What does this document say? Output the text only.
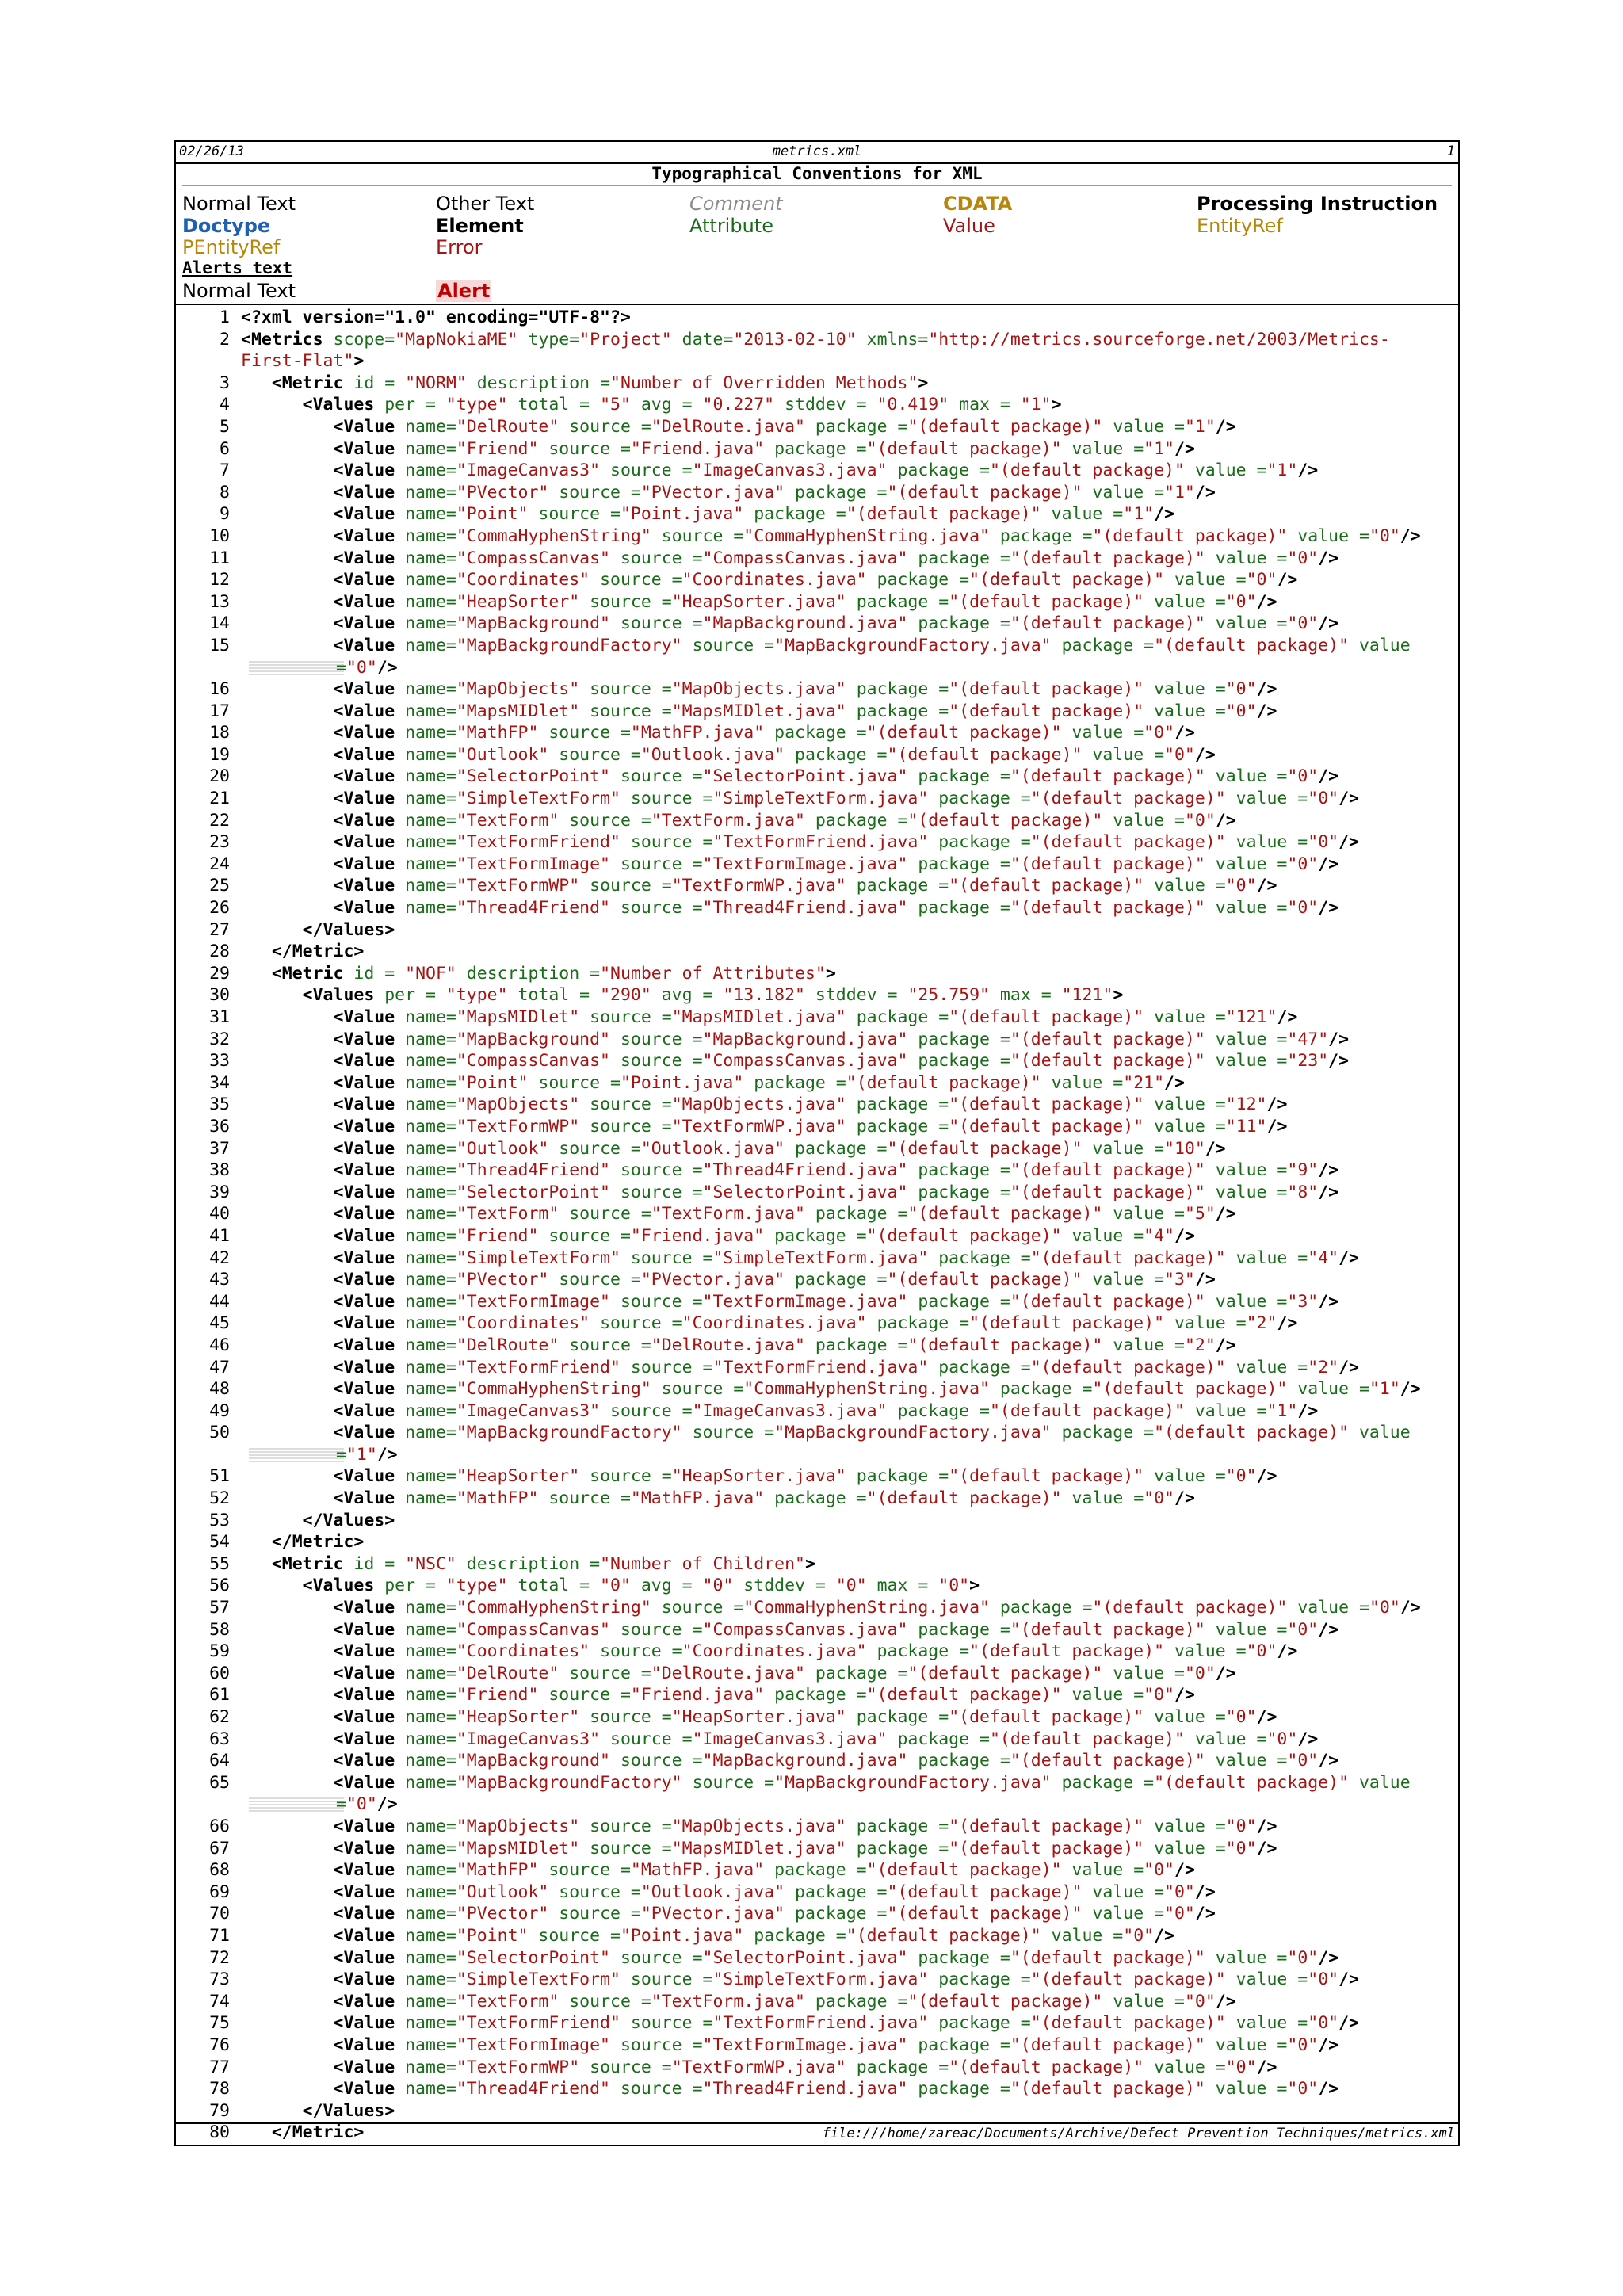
02/26/13	metrics.xml	1
Typographical Conventions for XML
Normal Text	Other Text	Comment	CDATA	Processing Instruction
Doctype	Element	Attribute	Value	EntityRef
PEntityRef	Error
Alerts text
Normal Text	Alert
1 <?xml version="1.0" encoding="UTF-8"?>
2 <Metrics scope="MapNokiaME" type="Project" date="2013-02-10" xmlns="http://metrics.sourceforge.net/2003/Metrics-
First-Flat">
3	<Metric id = "NORM" description ="Number of Overridden Methods">
4	<Values per = "type" total = "5" avg = "0.227" stddev = "0.419" max = "1">
5	<Value name="DelRoute" source ="DelRoute.java" package ="(default package)" value ="1"/>
6	<Value name="Friend" source ="Friend.java" package ="(default package)" value ="1"/>
7	<Value name="ImageCanvas3" source ="ImageCanvas3.java" package ="(default package)" value ="1"/>
8	<Value name="PVector" source ="PVector.java" package ="(default package)" value ="1"/>
9	<Value name="Point" source ="Point.java" package ="(default package)" value ="1"/>
10	<Value name="CommaHyphenString" source ="CommaHyphenString.java" package ="(default package)" value ="0"/>
11	<Value name="CompassCanvas" source ="CompassCanvas.java" package ="(default package)" value ="0"/>
12	<Value name="Coordinates" source ="Coordinates.java" package ="(default package)" value ="0"/>
13	<Value name="HeapSorter" source ="HeapSorter.java" package ="(default package)" value ="0"/>
14	<Value name="MapBackground" source ="MapBackground.java" package ="(default package)" value ="0"/>
15	<Value name="MapBackgroundFactory" source ="MapBackgroundFactory.java" package ="(default package)" value
="0"/>
16	<Value name="MapObjects" source ="MapObjects.java" package ="(default package)" value ="0"/>
17	<Value name="MapsMIDlet" source ="MapsMIDlet.java" package ="(default package)" value ="0"/>
18	<Value name="MathFP" source ="MathFP.java" package ="(default package)" value ="0"/>
19	<Value name="Outlook" source ="Outlook.java" package ="(default package)" value ="0"/>
20	<Value name="SelectorPoint" source ="SelectorPoint.java" package ="(default package)" value ="0"/>
21	<Value name="SimpleTextForm" source ="SimpleTextForm.java" package ="(default package)" value ="0"/>
22	<Value name="TextForm" source ="TextForm.java" package ="(default package)" value ="0"/>
23	<Value name="TextFormFriend" source ="TextFormFriend.java" package ="(default package)" value ="0"/>
24	<Value name="TextFormImage" source ="TextFormImage.java" package ="(default package)" value ="0"/>
25	<Value name="TextFormWP" source ="TextFormWP.java" package ="(default package)" value ="0"/>
26	<Value name="Thread4Friend" source ="Thread4Friend.java" package ="(default package)" value ="0"/>
27	</Values>
28	</Metric>
29	<Metric id = "NOF" description ="Number of Attributes">
30	<Values per = "type" total = "290" avg = "13.182" stddev = "25.759" max = "121">
31	<Value name="MapsMIDlet" source ="MapsMIDlet.java" package ="(default package)" value ="121"/>
32	<Value name="MapBackground" source ="MapBackground.java" package ="(default package)" value ="47"/>
33	<Value name="CompassCanvas" source ="CompassCanvas.java" package ="(default package)" value ="23"/>
34	<Value name="Point" source ="Point.java" package ="(default package)" value ="21"/>
35	<Value name="MapObjects" source ="MapObjects.java" package ="(default package)" value ="12"/>
36	<Value name="TextFormWP" source ="TextFormWP.java" package ="(default package)" value ="11"/>
37	<Value name="Outlook" source ="Outlook.java" package ="(default package)" value ="10"/>
38	<Value name="Thread4Friend" source ="Thread4Friend.java" package ="(default package)" value ="9"/>
39	<Value name="SelectorPoint" source ="SelectorPoint.java" package ="(default package)" value ="8"/>
40	<Value name="TextForm" source ="TextForm.java" package ="(default package)" value ="5"/>
41	<Value name="Friend" source ="Friend.java" package ="(default package)" value ="4"/>
42	<Value name="SimpleTextForm" source ="SimpleTextForm.java" package ="(default package)" value ="4"/>
43	<Value name="PVector" source ="PVector.java" package ="(default package)" value ="3"/>
44	<Value name="TextFormImage" source ="TextFormImage.java" package ="(default package)" value ="3"/>
45	<Value name="Coordinates" source ="Coordinates.java" package ="(default package)" value ="2"/>
46	<Value name="DelRoute" source ="DelRoute.java" package ="(default package)" value ="2"/>
47	<Value name="TextFormFriend" source ="TextFormFriend.java" package ="(default package)" value ="2"/>
48	<Value name="CommaHyphenString" source ="CommaHyphenString.java" package ="(default package)" value ="1"/>
49	<Value name="ImageCanvas3" source ="ImageCanvas3.java" package ="(default package)" value ="1"/>
50	<Value name="MapBackgroundFactory" source ="MapBackgroundFactory.java" package ="(default package)" value
="1"/>
51	<Value name="HeapSorter" source ="HeapSorter.java" package ="(default package)" value ="0"/>
52	<Value name="MathFP" source ="MathFP.java" package ="(default package)" value ="0"/>
53	</Values>
54	</Metric>
55	<Metric id = "NSC" description ="Number of Children">
56	<Values per = "type" total = "0" avg = "0" stddev = "0" max = "0">
57	<Value name="CommaHyphenString" source ="CommaHyphenString.java" package ="(default package)" value ="0"/>
58	<Value name="CompassCanvas" source ="CompassCanvas.java" package ="(default package)" value ="0"/>
59	<Value name="Coordinates" source ="Coordinates.java" package ="(default package)" value ="0"/>
60	<Value name="DelRoute" source ="DelRoute.java" package ="(default package)" value ="0"/>
61	<Value name="Friend" source ="Friend.java" package ="(default package)" value ="0"/>
62	<Value name="HeapSorter" source ="HeapSorter.java" package ="(default package)" value ="0"/>
63	<Value name="ImageCanvas3" source ="ImageCanvas3.java" package ="(default package)" value ="0"/>
64	<Value name="MapBackground" source ="MapBackground.java" package ="(default package)" value ="0"/>
65	<Value name="MapBackgroundFactory" source ="MapBackgroundFactory.java" package ="(default package)" value
="0"/>
66	<Value name="MapObjects" source ="MapObjects.java" package ="(default package)" value ="0"/>
67	<Value name="MapsMIDlet" source ="MapsMIDlet.java" package ="(default package)" value ="0"/>
68	<Value name="MathFP" source ="MathFP.java" package ="(default package)" value ="0"/>
69	<Value name="Outlook" source ="Outlook.java" package ="(default package)" value ="0"/>
70	<Value name="PVector" source ="PVector.java" package ="(default package)" value ="0"/>
71	<Value name="Point" source ="Point.java" package ="(default package)" value ="0"/>
72	<Value name="SelectorPoint" source ="SelectorPoint.java" package ="(default package)" value ="0"/>
73	<Value name="SimpleTextForm" source ="SimpleTextForm.java" package ="(default package)" value ="0"/>
74	<Value name="TextForm" source ="TextForm.java" package ="(default package)" value ="0"/>
75	<Value name="TextFormFriend" source ="TextFormFriend.java" package ="(default package)" value ="0"/>
76	<Value name="TextFormImage" source ="TextFormImage.java" package ="(default package)" value ="0"/>
77	<Value name="TextFormWP" source ="TextFormWP.java" package ="(default package)" value ="0"/>
78	<Value name="Thread4Friend" source ="Thread4Friend.java" package ="(default package)" value ="0"/>
79	</Values>
80	</Metric>	file:///home/zareac/Documents/Archive/Defect Prevention Techniques/metrics.xml
